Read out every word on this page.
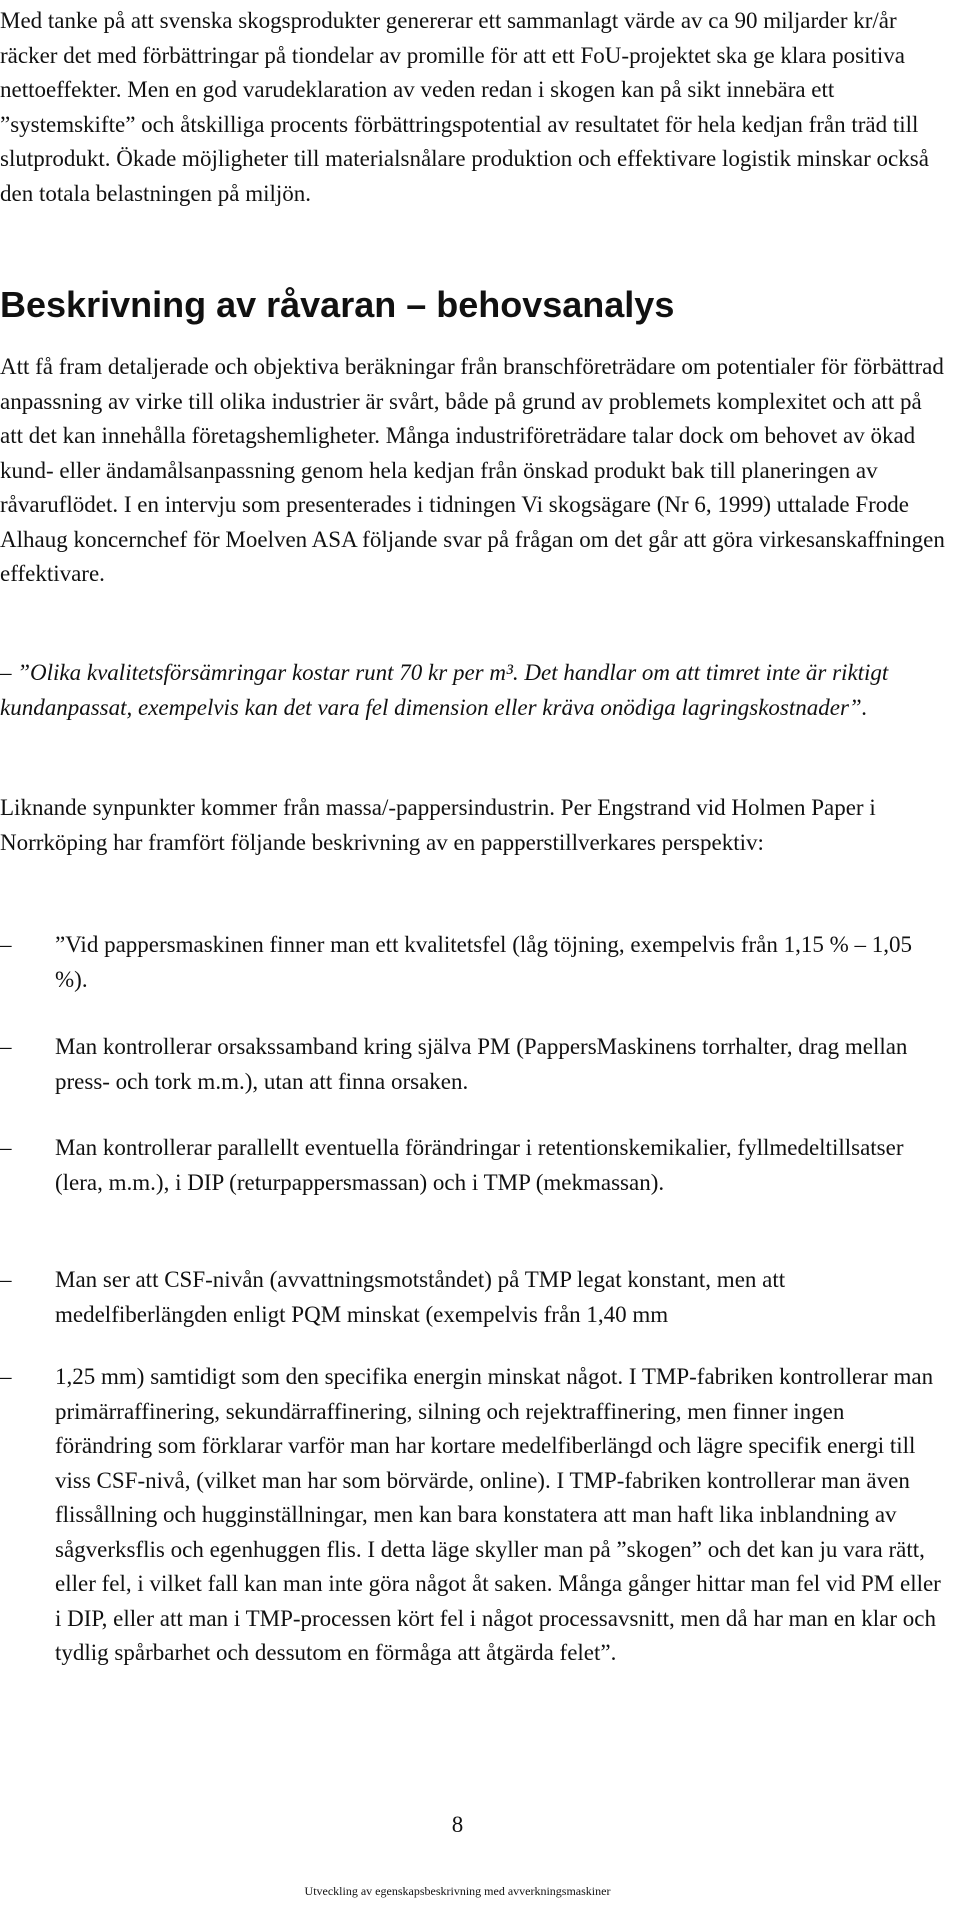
Med tanke på att svenska skogsprodukter genererar ett sammanlagt värde av ca 90 miljarder kr/år räcker det med förbättringar på tiondelar av promille för att ett FoU-projektet ska ge klara positiva nettoeffekter. Men en god varudeklaration av veden redan i skogen kan på sikt innebära ett ”systemskifte” och åtskilliga procents förbättringspotential av resultatet för hela kedjan från träd till slutprodukt. Ökade möjligheter till materialsnålare produktion och effektivare logistik minskar också den totala belastningen på miljön.

Beskrivning av råvaran – behovsanalys

Att få fram detaljerade och objektiva beräkningar från branschföreträdare om potentialer för förbättrad anpassning av virke till olika industrier är svårt, både på grund av problemets komplexitet och att på att det kan innehålla företagshemligheter. Många industriföreträdare talar dock om behovet av ökad kund- eller ändamålsanpassning genom hela kedjan från önskad produkt bak till planeringen av råvaruflödet. I en intervju som presenterades i tidningen Vi skogsägare (Nr 6, 1999) uttalade Frode Alhaug koncernchef för Moelven ASA följande svar på frågan om det går att göra virkesanskaffningen effektivare.

– ”Olika kvalitetsförsämringar kostar runt 70 kr per m³. Det handlar om att timret inte är riktigt kundanpassat, exempelvis kan det vara fel dimension eller kräva onödiga lagringskostnader”.

Liknande synpunkter kommer från massa/-pappersindustrin. Per Engstrand vid Holmen Paper i Norrköping har framfört följande beskrivning av en papperstillverkares perspektiv:

–	”Vid pappersmaskinen finner man ett kvalitetsfel (låg töjning, exempelvis från 1,15 % – 1,05 %).
–	Man kontrollerar orsakssamband kring själva PM (PappersMaskinens torrhalter, drag mellan press- och tork m.m.), utan att finna orsaken.
–	Man kontrollerar parallellt eventuella förändringar i retentionskemikalier, fyllmedeltillsatser (lera, m.m.), i DIP (returpappersmassan) och i TMP (mekmassan).
–	Man ser att CSF-nivån (avvattningsmotståndet) på TMP legat konstant, men att medelfiberlängden enligt PQM minskat (exempelvis från 1,40 mm
–	1,25 mm) samtidigt som den specifika energin minskat något. I TMP-fabriken kontrollerar man primärraffinering, sekundärraffinering, silning och rejektraffinering, men finner ingen förändring som förklarar varför man har kortare medelfiberlängd och lägre specifik energi till viss CSF-nivå, (vilket man har som börvärde, online). I TMP-fabriken kontrollerar man även flissållning och hugginställningar, men kan bara konstatera att man haft lika inblandning av sågverksflis och egenhuggen flis. I detta läge skyller man på ”skogen” och det kan ju vara rätt, eller fel, i vilket fall kan man inte göra något åt saken. Många gånger hittar man fel vid PM eller i DIP, eller att man i TMP-processen kört fel i något processavsnitt, men då har man en klar och tydlig spårbarhet och dessutom en förmåga att åtgärda felet”.
8
Utveckling av egenskapsbeskrivning med avverkningsmaskiner
